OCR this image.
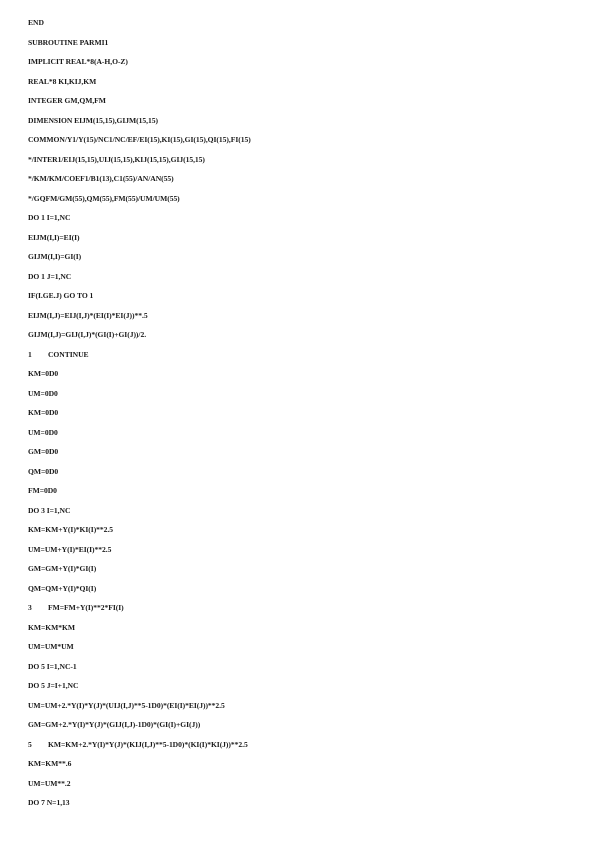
END
SUBROUTINE PARMI1
IMPLICIT REAL*8(A-H,O-Z)
REAL*8 KI,KIJ,KM
INTEGER GM,QM,FM
DIMENSION EIJM(15,15),GIJM(15,15)
COMMON/Y1/Y(15)/NC1/NC/EF/EI(15),KI(15),GI(15),QI(15),FI(15)
*/INTER1/EIJ(15,15),UIJ(15,15),KIJ(15,15),GIJ(15,15)
*/KM/KM/COEF1/B1(13),C1(55)/AN/AN(55)
*/GQFM/GM(55),QM(55),FM(55)/UM/UM(55)
DO 1 I=1,NC
EIJM(I,I)=EI(I)
GIJM(I,I)=GI(I)
DO 1 J=1,NC
IF(I.GE.J) GO TO 1
EIJM(I,J)=EIJ(I,J)*(EI(I)*EI(J))**.5
GIJM(I,J)=GIJ(I,J)*(GI(I)+GI(J))/2.
1 CONTINUE
KM=0D0
UM=0D0
KM=0D0
UM=0D0
GM=0D0
QM=0D0
FM=0D0
DO 3 I=1,NC
KM=KM+Y(I)*KI(I)**2.5
UM=UM+Y(I)*EI(I)**2.5
GM=GM+Y(I)*GI(I)
QM=QM+Y(I)*QI(I)
3 FM=FM+Y(I)**2*FI(I)
KM=KM*KM
UM=UM*UM
DO 5 I=1,NC-1
DO 5 J=I+1,NC
UM=UM+2.*Y(I)*Y(J)*(UIJ(I,J)**5-1D0)*(EI(I)*EI(J))**2.5
GM=GM+2.*Y(I)*Y(J)*(GIJ(I,J)-1D0)*(GI(I)+GI(J))
5 KM=KM+2.*Y(I)*Y(J)*(KIJ(I,J)**5-1D0)*(KI(I)*KI(J))**2.5
KM=KM**.6
UM=UM**.2
DO 7 N=1,13
